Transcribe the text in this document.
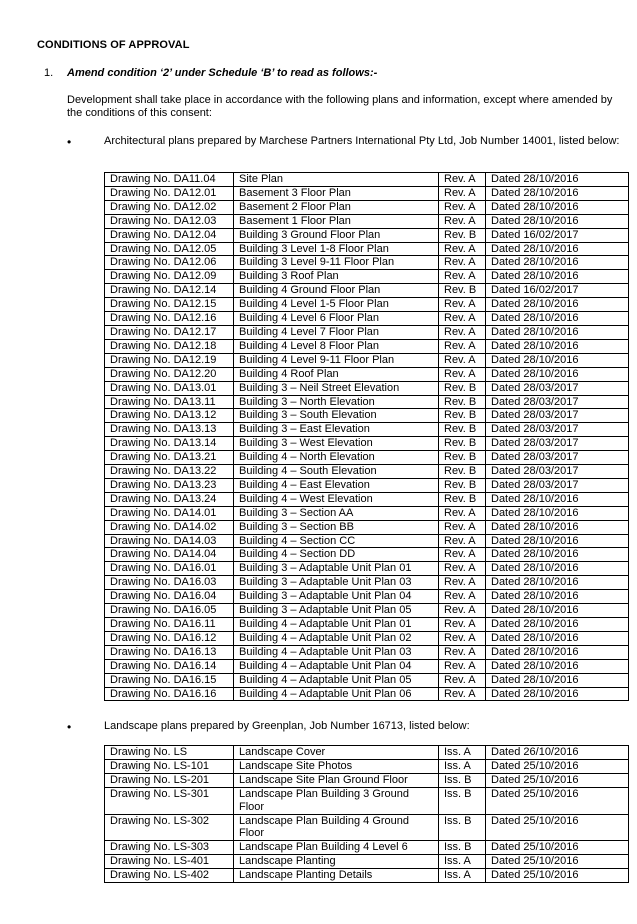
CONDITIONS OF APPROVAL
1. Amend condition ‘2’ under Schedule ‘B’ to read as follows:-
Development shall take place in accordance with the following plans and information, except where amended by the conditions of this consent:
•	Architectural plans prepared by Marchese Partners International Pty Ltd, Job Number 14001, listed below:
Drawing No. DA11.04	Site Plan	Rev. A	Dated 28/10/2016
Drawing No. DA12.01	Basement 3 Floor Plan	Rev. A	Dated 28/10/2016
Drawing No. DA12.02	Basement 2 Floor Plan	Rev. A	Dated 28/10/2016
Drawing No. DA12.03	Basement 1 Floor Plan	Rev. A	Dated 28/10/2016
Drawing No. DA12.04	Building 3 Ground Floor Plan	Rev. B	Dated 16/02/2017
Drawing No. DA12.05	Building 3 Level 1-8 Floor Plan	Rev. A	Dated 28/10/2016
Drawing No. DA12.06	Building 3 Level 9-11 Floor Plan	Rev. A	Dated 28/10/2016
Drawing No. DA12.09	Building 3 Roof Plan	Rev. A	Dated 28/10/2016
Drawing No. DA12.14	Building 4 Ground Floor Plan	Rev. B	Dated 16/02/2017
Drawing No. DA12.15	Building 4 Level 1-5 Floor Plan	Rev. A	Dated 28/10/2016
Drawing No. DA12.16	Building 4 Level 6 Floor Plan	Rev. A	Dated 28/10/2016
Drawing No. DA12.17	Building 4 Level 7 Floor Plan	Rev. A	Dated 28/10/2016
Drawing No. DA12.18	Building 4 Level 8 Floor Plan	Rev. A	Dated 28/10/2016
Drawing No. DA12.19	Building 4 Level 9-11 Floor Plan	Rev. A	Dated 28/10/2016
Drawing No. DA12.20	Building 4 Roof Plan	Rev. A	Dated 28/10/2016
Drawing No. DA13.01	Building 3 – Neil Street Elevation	Rev. B	Dated 28/03/2017
Drawing No. DA13.11	Building 3 – North Elevation	Rev. B	Dated 28/03/2017
Drawing No. DA13.12	Building 3 – South Elevation	Rev. B	Dated 28/03/2017
Drawing No. DA13.13	Building 3 – East Elevation	Rev. B	Dated 28/03/2017
Drawing No. DA13.14	Building 3 – West Elevation	Rev. B	Dated 28/03/2017
Drawing No. DA13.21	Building 4 – North Elevation	Rev. B	Dated 28/03/2017
Drawing No. DA13.22	Building 4 – South Elevation	Rev. B	Dated 28/03/2017
Drawing No. DA13.23	Building 4 – East Elevation	Rev. B	Dated 28/03/2017
Drawing No. DA13.24	Building 4 – West Elevation	Rev. B	Dated 28/10/2016
Drawing No. DA14.01	Building 3 – Section AA	Rev. A	Dated 28/10/2016
Drawing No. DA14.02	Building 3 – Section BB	Rev. A	Dated 28/10/2016
Drawing No. DA14.03	Building 4 – Section CC	Rev. A	Dated 28/10/2016
Drawing No. DA14.04	Building 4 – Section DD	Rev. A	Dated 28/10/2016
Drawing No. DA16.01	Building 3 – Adaptable Unit Plan 01	Rev. A	Dated 28/10/2016
Drawing No. DA16.03	Building 3 – Adaptable Unit Plan 03	Rev. A	Dated 28/10/2016
Drawing No. DA16.04	Building 3 – Adaptable Unit Plan 04	Rev. A	Dated 28/10/2016
Drawing No. DA16.05	Building 3 – Adaptable Unit Plan 05	Rev. A	Dated 28/10/2016
Drawing No. DA16.11	Building 4 – Adaptable Unit Plan 01	Rev. A	Dated 28/10/2016
Drawing No. DA16.12	Building 4 – Adaptable Unit Plan 02	Rev. A	Dated 28/10/2016
Drawing No. DA16.13	Building 4 – Adaptable Unit Plan 03	Rev. A	Dated 28/10/2016
Drawing No. DA16.14	Building 4 – Adaptable Unit Plan 04	Rev. A	Dated 28/10/2016
Drawing No. DA16.15	Building 4 – Adaptable Unit Plan 05	Rev. A	Dated 28/10/2016
Drawing No. DA16.16	Building 4 – Adaptable Unit Plan 06	Rev. A	Dated 28/10/2016
•	Landscape plans prepared by Greenplan, Job Number 16713, listed below:
Drawing No. LS	Landscape Cover	Iss. A	Dated 26/10/2016
Drawing No. LS-101	Landscape Site Photos	Iss. A	Dated 25/10/2016
Drawing No. LS-201	Landscape Site Plan Ground Floor	Iss. B	Dated 25/10/2016
Drawing No. LS-301	Landscape Plan Building 3 Ground Floor	Iss. B	Dated 25/10/2016
Drawing No. LS-302	Landscape Plan Building 4 Ground Floor	Iss. B	Dated 25/10/2016
Drawing No. LS-303	Landscape Plan Building 4 Level 6	Iss. B	Dated 25/10/2016
Drawing No. LS-401	Landscape Planting	Iss. A	Dated 25/10/2016
Drawing No. LS-402	Landscape Planting Details	Iss. A	Dated 25/10/2016
